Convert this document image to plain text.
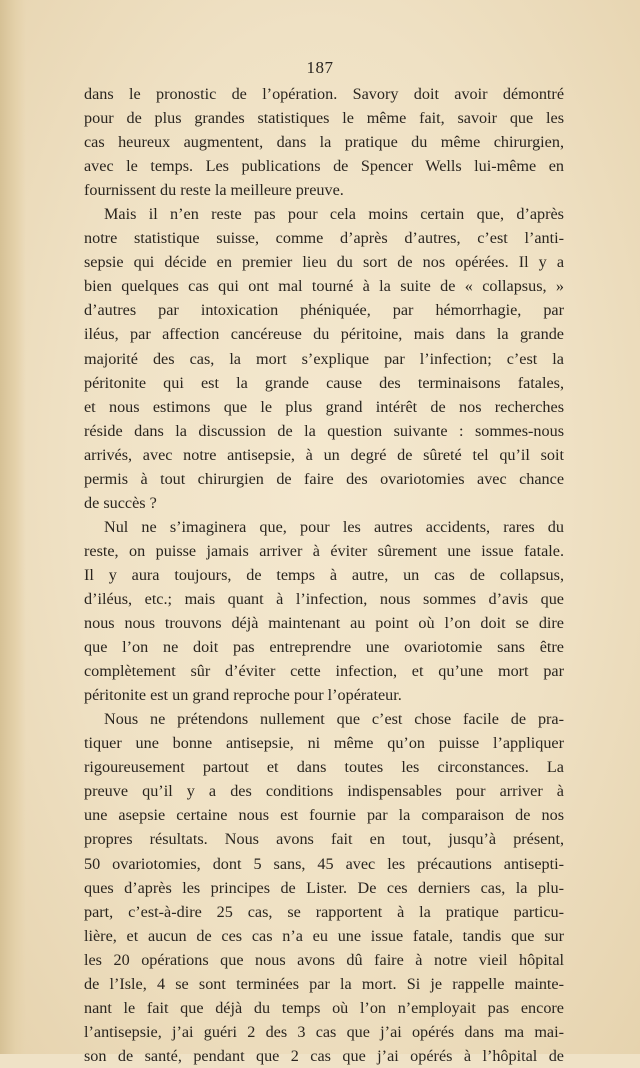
187
dans le pronostic de l’opération. Savory doit avoir démontré
pour de plus grandes statistiques le même fait, savoir que les
cas heureux augmentent, dans la pratique du même chirurgien,
avec le temps. Les publications de Spencer Wells lui-même en
fournissent du reste la meilleure preuve.
Mais il n’en reste pas pour cela moins certain que, d’après
notre statistique suisse, comme d’après d’autres, c’est l’anti-
sepsie qui décide en premier lieu du sort de nos opérées. Il y a
bien quelques cas qui ont mal tourné à la suite de « collapsus, »
d’autres par intoxication phéniquée, par hémorrhagie, par
iléus, par affection cancéreuse du péritoine, mais dans la grande
majorité des cas, la mort s’explique par l’infection; c’est la
péritonite qui est la grande cause des terminaisons fatales,
et nous estimons que le plus grand intérêt de nos recherches
réside dans la discussion de la question suivante : sommes-nous
arrivés, avec notre antisepsie, à un degré de sûreté tel qu’il soit
permis à tout chirurgien de faire des ovariotomies avec chance
de succès ?
Nul ne s’imaginera que, pour les autres accidents, rares du
reste, on puisse jamais arriver à éviter sûrement une issue fatale.
Il y aura toujours, de temps à autre, un cas de collapsus,
d’iléus, etc.; mais quant à l’infection, nous sommes d’avis que
nous nous trouvons déjà maintenant au point où l’on doit se dire
que l’on ne doit pas entreprendre une ovariotomie sans être
complètement sûr d’éviter cette infection, et qu’une mort par
péritonite est un grand reproche pour l’opérateur.
Nous ne prétendons nullement que c’est chose facile de pra-
tiquer une bonne antisepsie, ni même qu’on puisse l’appliquer
rigoureusement partout et dans toutes les circonstances. La
preuve qu’il y a des conditions indispensables pour arriver à
une asepsie certaine nous est fournie par la comparaison de nos
propres résultats. Nous avons fait en tout, jusqu’à présent,
50 ovariotomies, dont 5 sans, 45 avec les précautions antisepti-
ques d’après les principes de Lister. De ces derniers cas, la plu-
part, c’est-à-dire 25 cas, se rapportent à la pratique particu-
lière, et aucun de ces cas n’a eu une issue fatale, tandis que sur
les 20 opérations que nous avons dû faire à notre vieil hôpital
de l’Isle, 4 se sont terminées par la mort. Si je rappelle mainte-
nant le fait que déjà du temps où l’on n’employait pas encore
l’antisepsie, j’ai guéri 2 des 3 cas que j’ai opérés dans ma mai-
son de santé, pendant que 2 cas que j’ai opérés à l’hôpital de
